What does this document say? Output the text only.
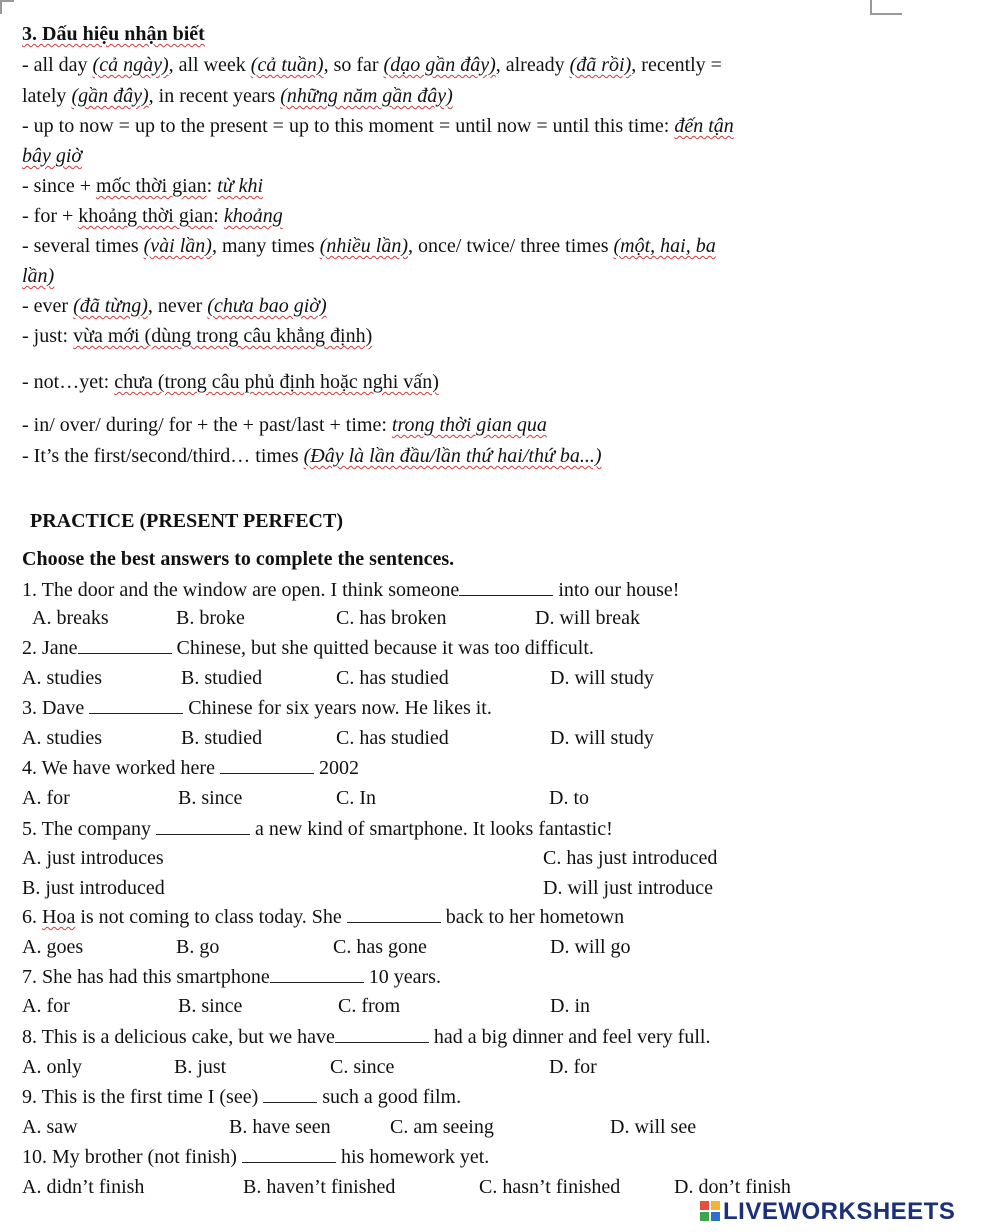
3. Dấu hiệu nhận biết
- all day (cả ngày), all week (cả tuần), so far (dạo gần đây), already (đã rồi), recently =
lately (gần đây), in recent years (những năm gần đây)
- up to now = up to the present = up to this moment = until now = until this time: đến tận
bây giờ
- since + mốc thời gian: từ khi
- for + khoảng thời gian: khoảng
- several times (vài lần), many times (nhiều lần), once/ twice/ three times (một, hai, ba
lần)
- ever (đã từng), never (chưa bao giờ)
- just: vừa mới (dùng trong câu khẳng định)
- not…yet: chưa (trong câu phủ định hoặc nghi vấn)
- in/ over/ during/ for + the + past/last + time: trong thời gian qua
- It’s the first/second/third… times (Đây là lần đầu/lần thứ hai/thứ ba...)
PRACTICE (PRESENT PERFECT)
Choose the best answers to complete the sentences.
1. The door and the window are open. I think someone	into our house!
A. breaks	B. broke	C. has broken	D. will break
2. Jane	Chinese, but she quitted because it was too difficult.
A. studies	B. studied	C. has studied	D. will study
3. Dave	Chinese for six years now. He likes it.
A. studies	B. studied	C. has studied	D. will study
4. We have worked here	2002
A. for	B. since	C. In	D. to
5. The company	a new kind of smartphone. It looks fantastic!
A. just introduces	C. has just introduced
B. just introduced	D. will just introduce
6. Hoa is not coming to class today. She	back to her hometown
A. goes	B. go	C. has gone	D. will go
7. She has had this smartphone	10 years.
A. for	B. since	C. from	D. in
8. This is a delicious cake, but we have	had a big dinner and feel very full.
A. only	B. just	C. since	D. for
9. This is the first time I (see)	such a good film.
A. saw	B. have seen	C. am seeing	D. will see
10. My brother (not finish)	his homework yet.
A. didn’t finish	B. haven’t finished	C. hasn’t finished	D. don’t finish
LIVEWORKSHEETS
